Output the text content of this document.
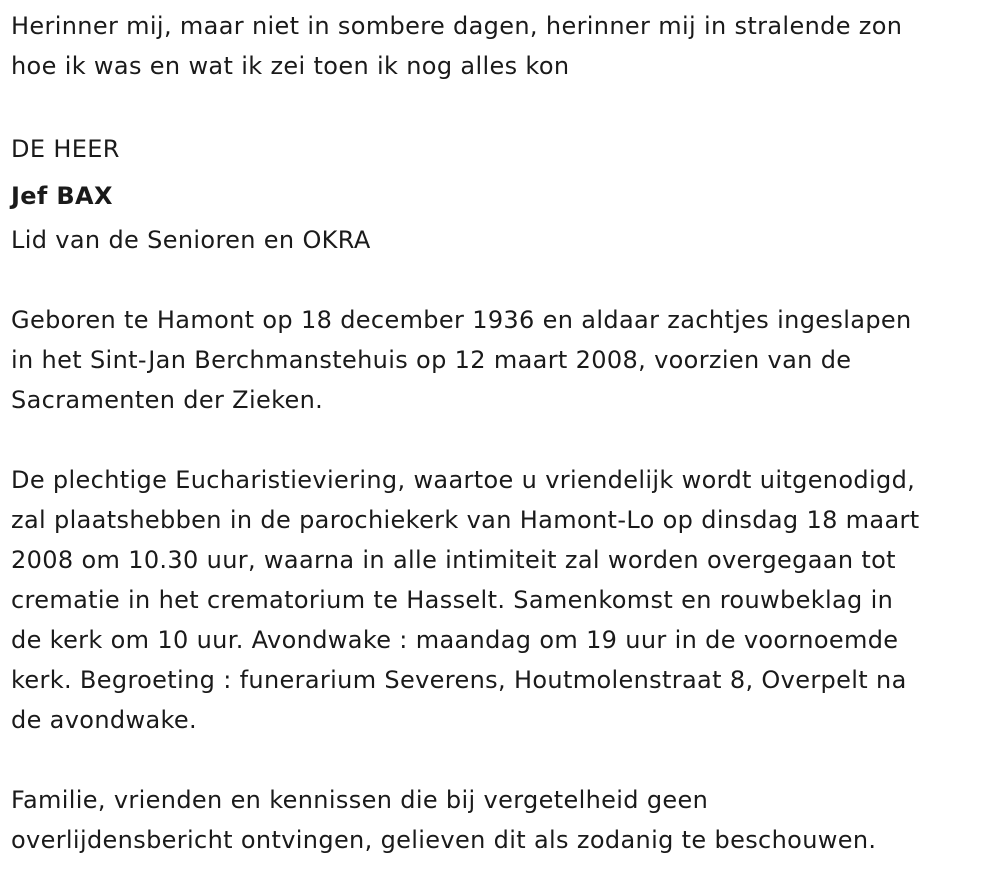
Herinner mij, maar niet in sombere dagen, herinner mij in stralende zon
hoe ik was en wat ik zei toen ik nog alles kon
DE HEER
Jef BAX
Lid van de Senioren en OKRA
Geboren te Hamont op 18 december 1936 en aldaar zachtjes ingeslapen
in het Sint-Jan Berchmanstehuis op 12 maart 2008, voorzien van de
Sacramenten der Zieken.
De plechtige Eucharistieviering, waartoe u vriendelijk wordt uitgenodigd,
zal plaatshebben in de parochiekerk van Hamont-Lo op dinsdag 18 maart
2008 om 10.30 uur, waarna in alle intimiteit zal worden overgegaan tot
crematie in het crematorium te Hasselt. Samenkomst en rouwbeklag in
de kerk om 10 uur. Avondwake : maandag om 19 uur in de voornoemde
kerk. Begroeting : funerarium Severens, Houtmolenstraat 8, Overpelt na
de avondwake.
Familie, vrienden en kennissen die bij vergetelheid geen
overlijdensbericht ontvingen, gelieven dit als zodanig te beschouwen.
